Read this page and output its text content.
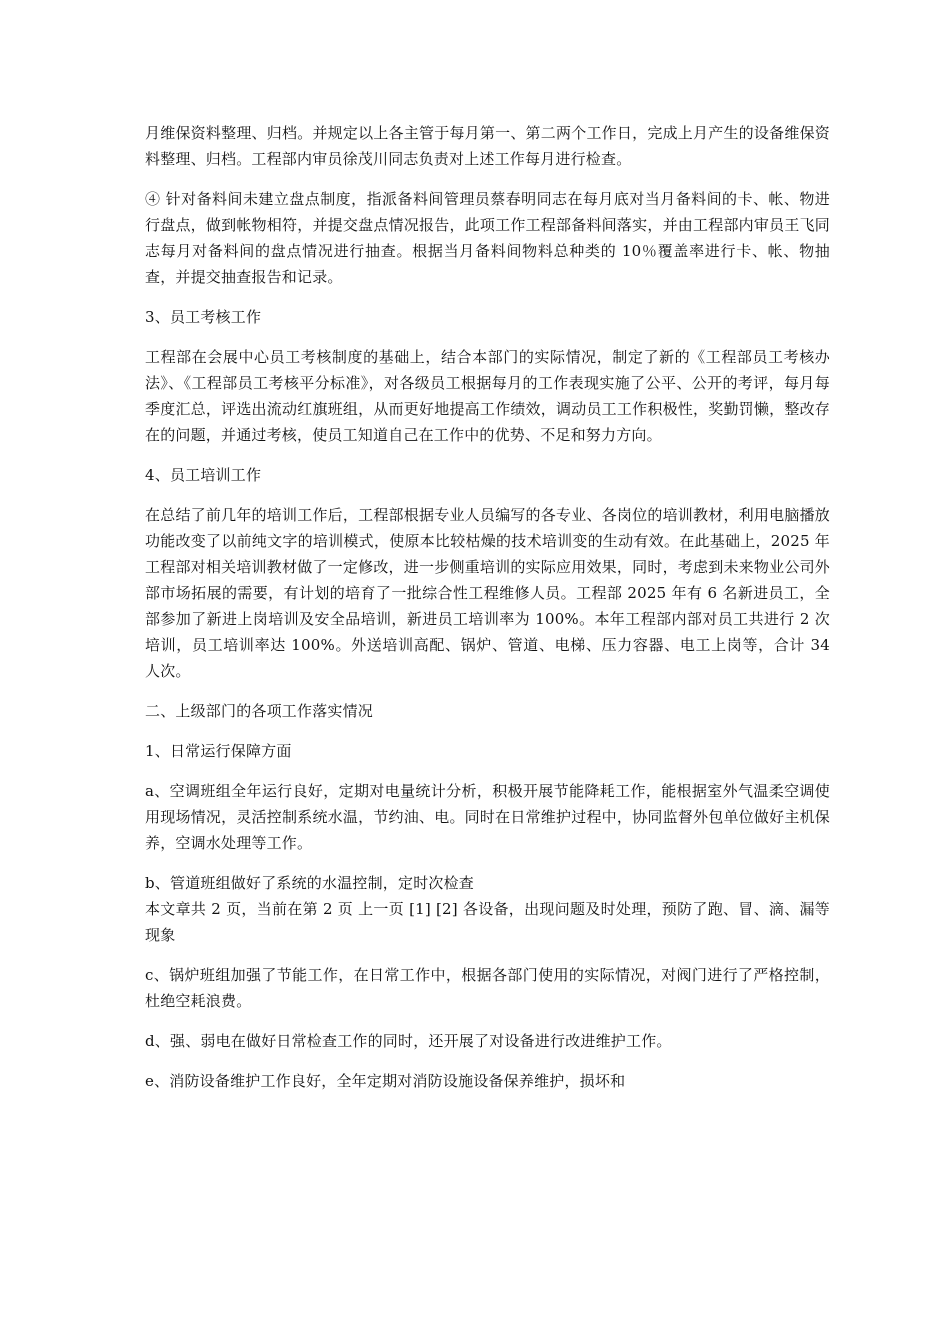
月维保资料整理、归档。并规定以上各主管于每月第一、第二两个工作日，完成上月产生的设备维保资料整理、归档。工程部内审员徐茂川同志负责对上述工作每月进行检查。

④ 针对备料间未建立盘点制度，指派备料间管理员蔡春明同志在每月底对当月备料间的卡、帐、物进行盘点，做到帐物相符，并提交盘点情况报告，此项工作工程部备料间落实，并由工程部内审员王飞同志每月对备料间的盘点情况进行抽查。根据当月备料间物料总种类的 10％覆盖率进行卡、帐、物抽查，并提交抽查报告和记录。

3、员工考核工作

工程部在会展中心员工考核制度的基础上，结合本部门的实际情况，制定了新的《工程部员工考核办法》、《工程部员工考核平分标准》，对各级员工根据每月的工作表现实施了公平、公开的考评，每月每季度汇总，评选出流动红旗班组，从而更好地提高工作绩效，调动员工工作积极性，奖勤罚懒，整改存在的问题，并通过考核，使员工知道自己在工作中的优势、不足和努力方向。

4、员工培训工作

在总结了前几年的培训工作后，工程部根据专业人员编写的各专业、各岗位的培训教材，利用电脑播放功能改变了以前纯文字的培训模式，使原本比较枯燥的技术培训变的生动有效。在此基础上，2025 年工程部对相关培训教材做了一定修改，进一步侧重培训的实际应用效果，同时，考虑到未来物业公司外部市场拓展的需要，有计划的培育了一批综合性工程维修人员。工程部 2025 年有 6 名新进员工，全部参加了新进上岗培训及安全品培训，新进员工培训率为 100%。本年工程部内部对员工共进行 2 次培训，员工培训率达 100%。外送培训高配、锅炉、管道、电梯、压力容器、电工上岗等，合计 34 人次。

二、上级部门的各项工作落实情况

1、日常运行保障方面

a、空调班组全年运行良好，定期对电量统计分析，积极开展节能降耗工作，能根据室外气温柔空调使用现场情况，灵活控制系统水温，节约油、电。同时在日常维护过程中，协同监督外包单位做好主机保养，空调水处理等工作。

b、管道班组做好了系统的水温控制，定时次检查

本文章共 2 页，当前在第 2 页 上一页 [1] [2] 各设备，出现问题及时处理，预防了跑、冒、滴、漏等现象

c、锅炉班组加强了节能工作，在日常工作中，根据各部门使用的实际情况，对阀门进行了严格控制，杜绝空耗浪费。

d、强、弱电在做好日常检查工作的同时，还开展了对设备进行改进维护工作。

e、消防设备维护工作良好，全年定期对消防设施设备保养维护，损坏和
